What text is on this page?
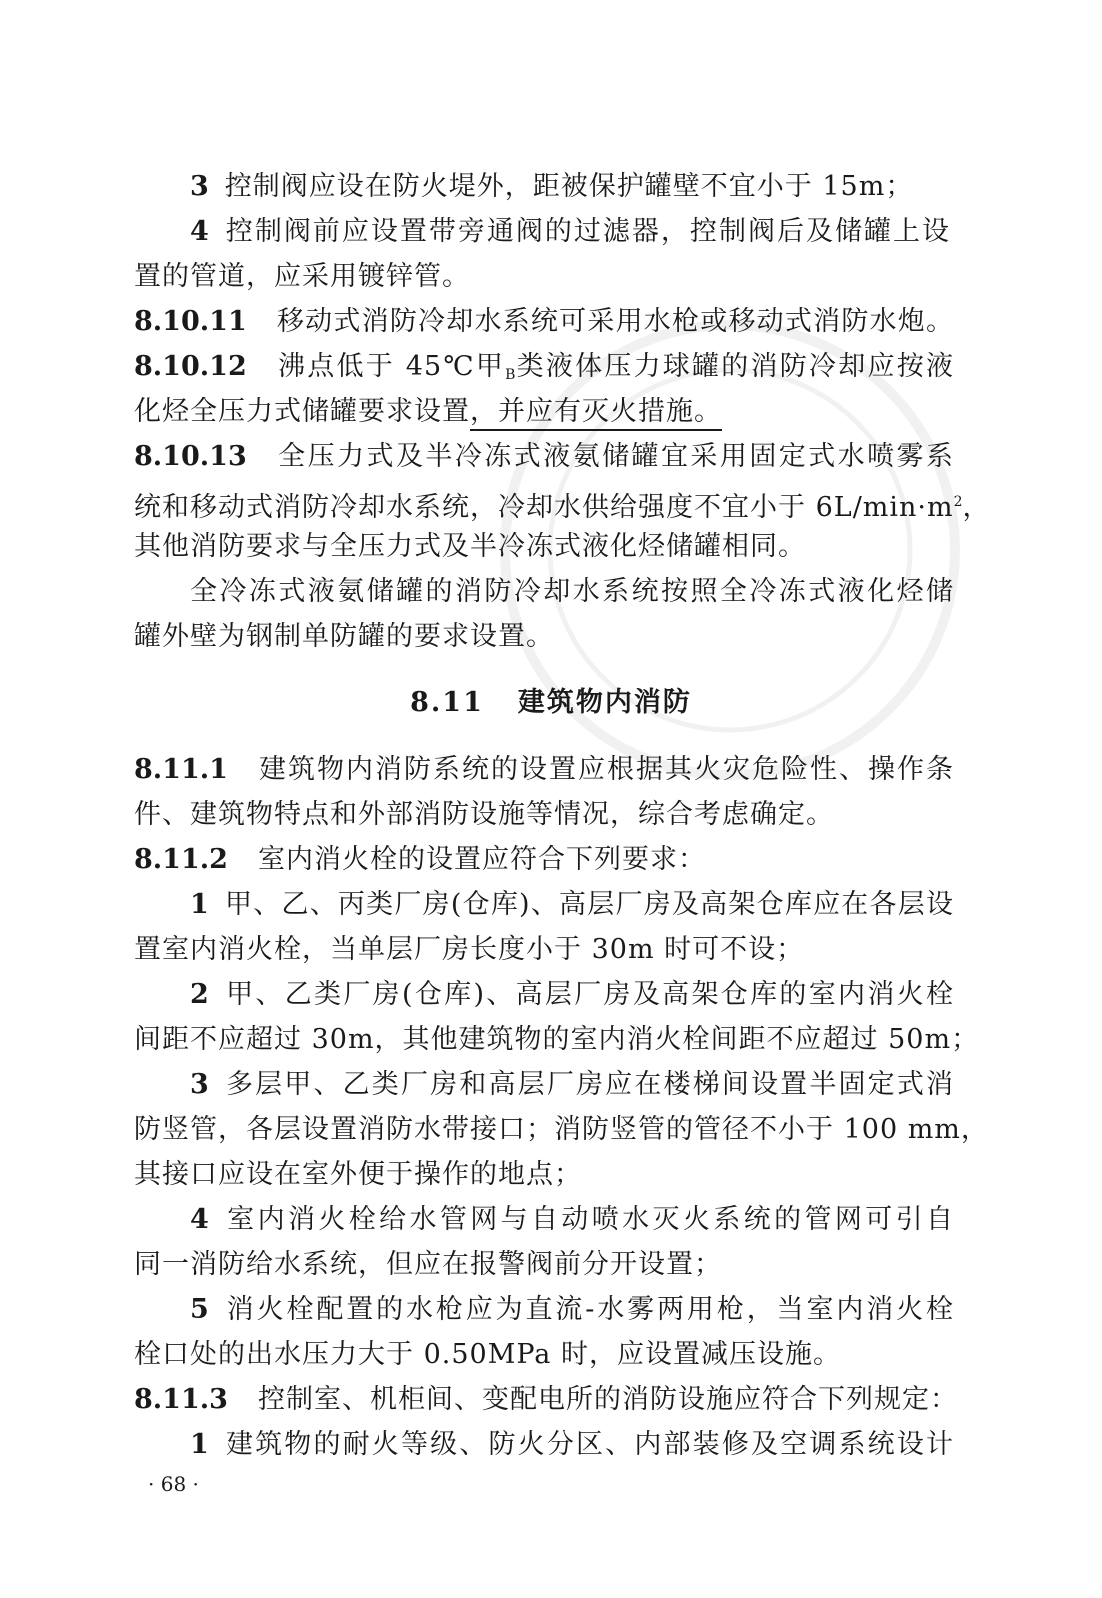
3 控制阀应设在防火堤外，距被保护罐壁不宜小于 15m；
4 控制阀前应设置带旁通阀的过滤器，控制阀后及储罐上设
置的管道，应采用镀锌管。
8.10.11 移动式消防冷却水系统可采用水枪或移动式消防水炮。
8.10.12 沸点低于 45℃甲$_B$类液体压力球罐的消防冷却应按液
化烃全压力式储罐要求设置，并应有灭火措施。
8.10.13 全压力式及半冷冻式液氨储罐宜采用固定式水喷雾系
统和移动式消防冷却水系统，冷却水供给强度不宜小于 $6L/\min\cdot m^2$，
其他消防要求与全压力式及半冷冻式液化烃储罐相同。
全冷冻式液氨储罐的消防冷却水系统按照全冷冻式液化烃储
罐外壁为钢制单防罐的要求设置。
8.11 建筑物内消防
8.11.1 建筑物内消防系统的设置应根据其火灾危险性、操作条
件、建筑物特点和外部消防设施等情况，综合考虑确定。
8.11.2 室内消火栓的设置应符合下列要求：
1 甲、乙、丙类厂房(仓库)、高层厂房及高架仓库应在各层设
置室内消火栓，当单层厂房长度小于 30m 时可不设；
2 甲、乙类厂房(仓库)、高层厂房及高架仓库的室内消火栓
间距不应超过 30m，其他建筑物的室内消火栓间距不应超过 50m；
3 多层甲、乙类厂房和高层厂房应在楼梯间设置半固定式消
防竖管，各层设置消防水带接口；消防竖管的管径不小于 100 mm，
其接口应设在室外便于操作的地点；
4 室内消火栓给水管网与自动喷水灭火系统的管网可引自
同一消防给水系统，但应在报警阀前分开设置；
5 消火栓配置的水枪应为直流-水雾两用枪，当室内消火栓
栓口处的出水压力大于 0.50MPa 时，应设置减压设施。
8.11.3 控制室、机柜间、变配电所的消防设施应符合下列规定：
1 建筑物的耐火等级、防火分区、内部装修及空调系统设计
· 68 ·
